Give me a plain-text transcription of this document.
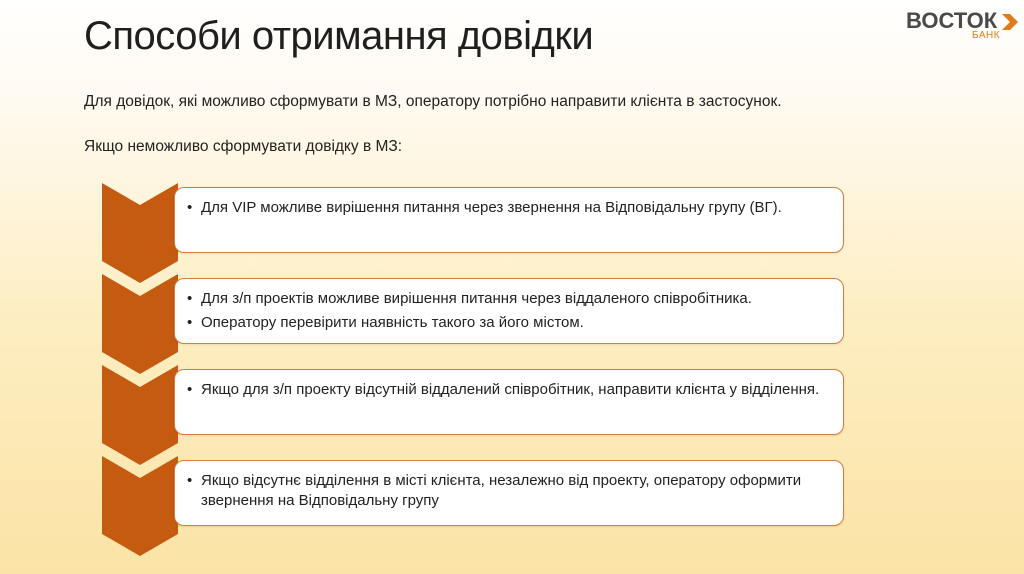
Способи отримання довідки	ВОСТОК
БАНК

Для довідок, які можливо сформувати в МЗ, оператору потрібно направити клієнта в застосунок.

Якщо неможливо сформувати довідку в МЗ:

• Для VIP можливе вирішення питання через звернення на Відповідальну групу (ВГ).
• Для з/п проектів можливе вирішення питання через віддаленого співробітника.
• Оператору перевірити наявність такого за його містом.
• Якщо для з/п проекту відсутній віддалений співробітник, направити клієнта у відділення.
• Якщо відсутнє відділення в місті клієнта, незалежно від проекту, оператору оформити звернення на Відповідальну групу
